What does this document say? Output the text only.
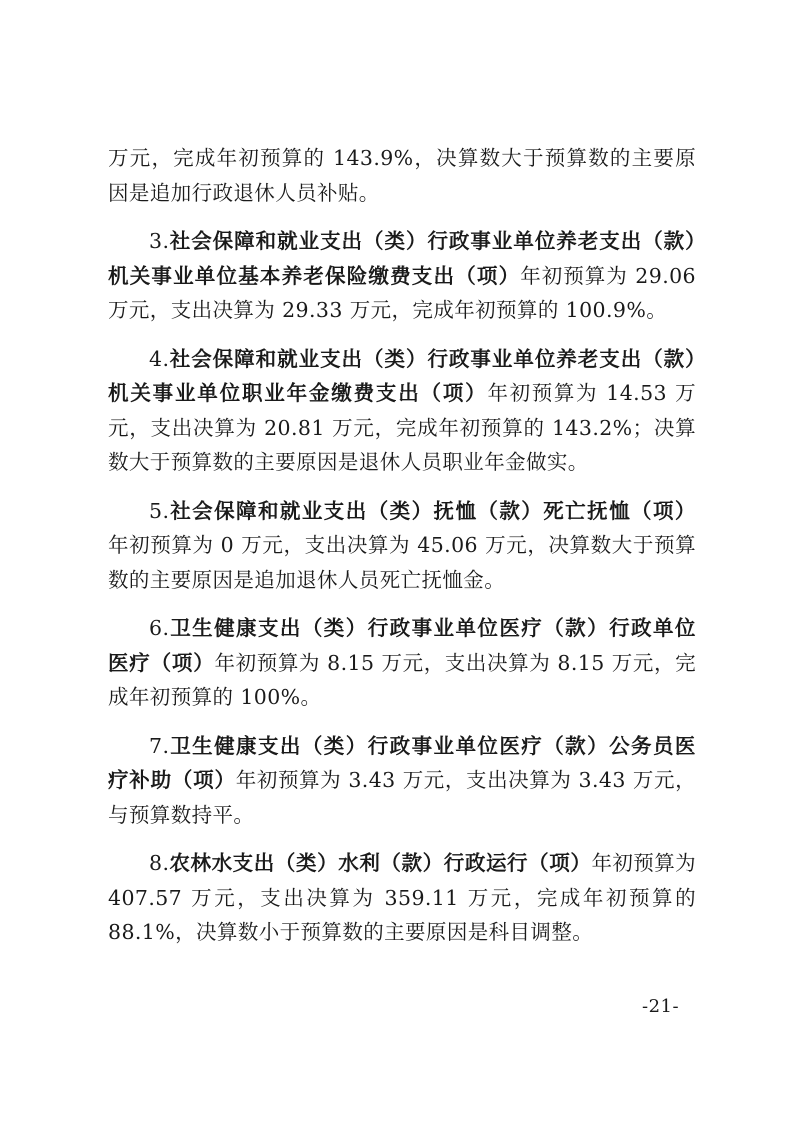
万元，完成年初预算的 143.9%，决算数大于预算数的主要原因是追加行政退休人员补贴。

3.社会保障和就业支出（类）行政事业单位养老支出（款）机关事业单位基本养老保险缴费支出（项）年初预算为 29.06 万元，支出决算为 29.33 万元，完成年初预算的 100.9%。

4.社会保障和就业支出（类）行政事业单位养老支出（款）机关事业单位职业年金缴费支出（项）年初预算为 14.53 万元，支出决算为 20.81 万元，完成年初预算的 143.2%；决算数大于预算数的主要原因是退休人员职业年金做实。

5.社会保障和就业支出（类）抚恤（款）死亡抚恤（项）年初预算为 0 万元，支出决算为 45.06 万元，决算数大于预算数的主要原因是追加退休人员死亡抚恤金。

6.卫生健康支出（类）行政事业单位医疗（款）行政单位医疗（项）年初预算为 8.15 万元，支出决算为 8.15 万元，完成年初预算的 100%。

7.卫生健康支出（类）行政事业单位医疗（款）公务员医疗补助（项）年初预算为 3.43 万元，支出决算为 3.43 万元，与预算数持平。

8.农林水支出（类）水利（款）行政运行（项）年初预算为 407.57 万元，支出决算为 359.11 万元，完成年初预算的 88.1%，决算数小于预算数的主要原因是科目调整。

-21-
